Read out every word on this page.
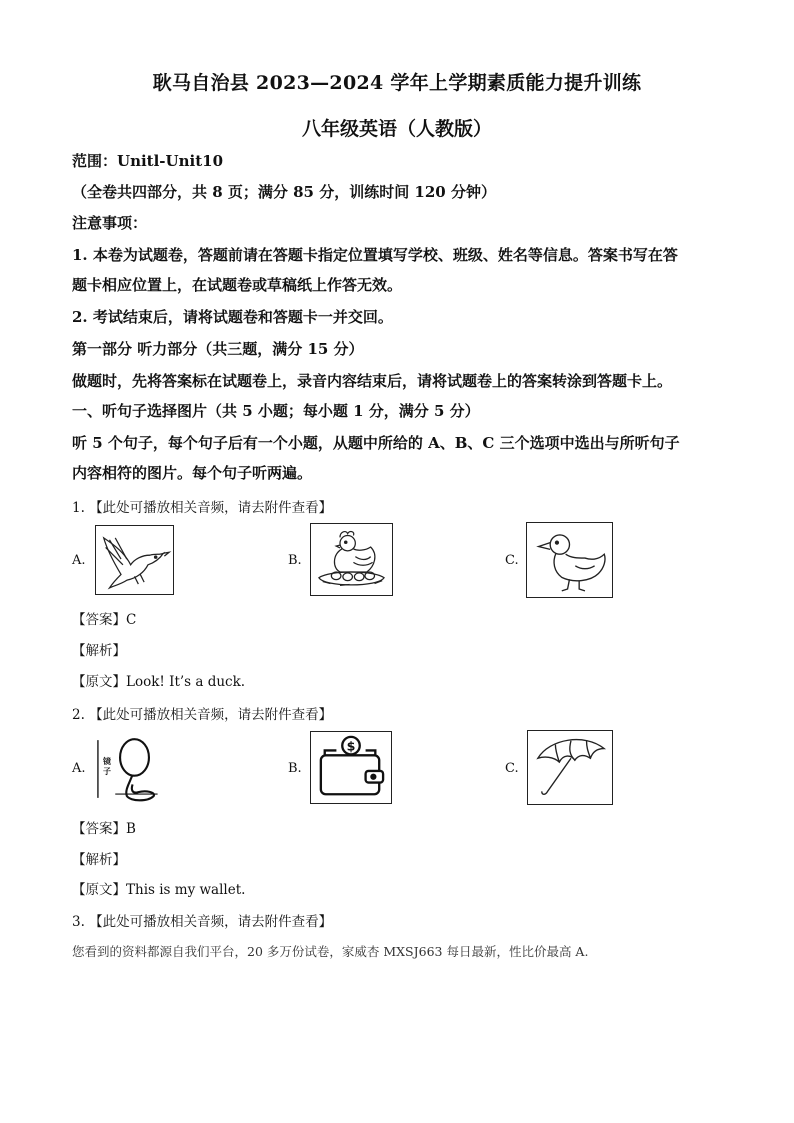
耿马自治县 2023—2024 学年上学期素质能力提升训练
八年级英语（人教版）
范围：Unitl-Unit10
（全卷共四部分，共 8 页；满分 85 分，训练时间 120 分钟）
注意事项：
1. 本卷为试题卷，答题前请在答题卡指定位置填写学校、班级、姓名等信息。答案书写在答
题卡相应位置上，在试题卷或草稿纸上作答无效。
2. 考试结束后，请将试题卷和答题卡一并交回。
第一部分 听力部分（共三题，满分 15 分）
做题时，先将答案标在试题卷上，录音内容结束后，请将试题卷上的答案转涂到答题卡上。
一、听句子选择图片（共 5 小题；每小题 1 分，满分 5 分）
听 5 个句子，每个句子后有一个小题，从题中所给的 A、B、C 三个选项中选出与所听句子
内容相符的图片。每个句子听两遍。
1. 【此处可播放相关音频，请去附件查看】
A.	B.	C.
【答案】C
【解析】
【原文】Look! It’s a duck.
2. 【此处可播放相关音频，请去附件查看】
A. 镜子	B.
$
C.
【答案】B
【解析】
【原文】This is my wallet.
3. 【此处可播放相关音频，请去附件查看】
您看到的资料都源自我们平台，20 多万份试卷，家威杏 MXSJ663 每日最新，性比价最高 A.
